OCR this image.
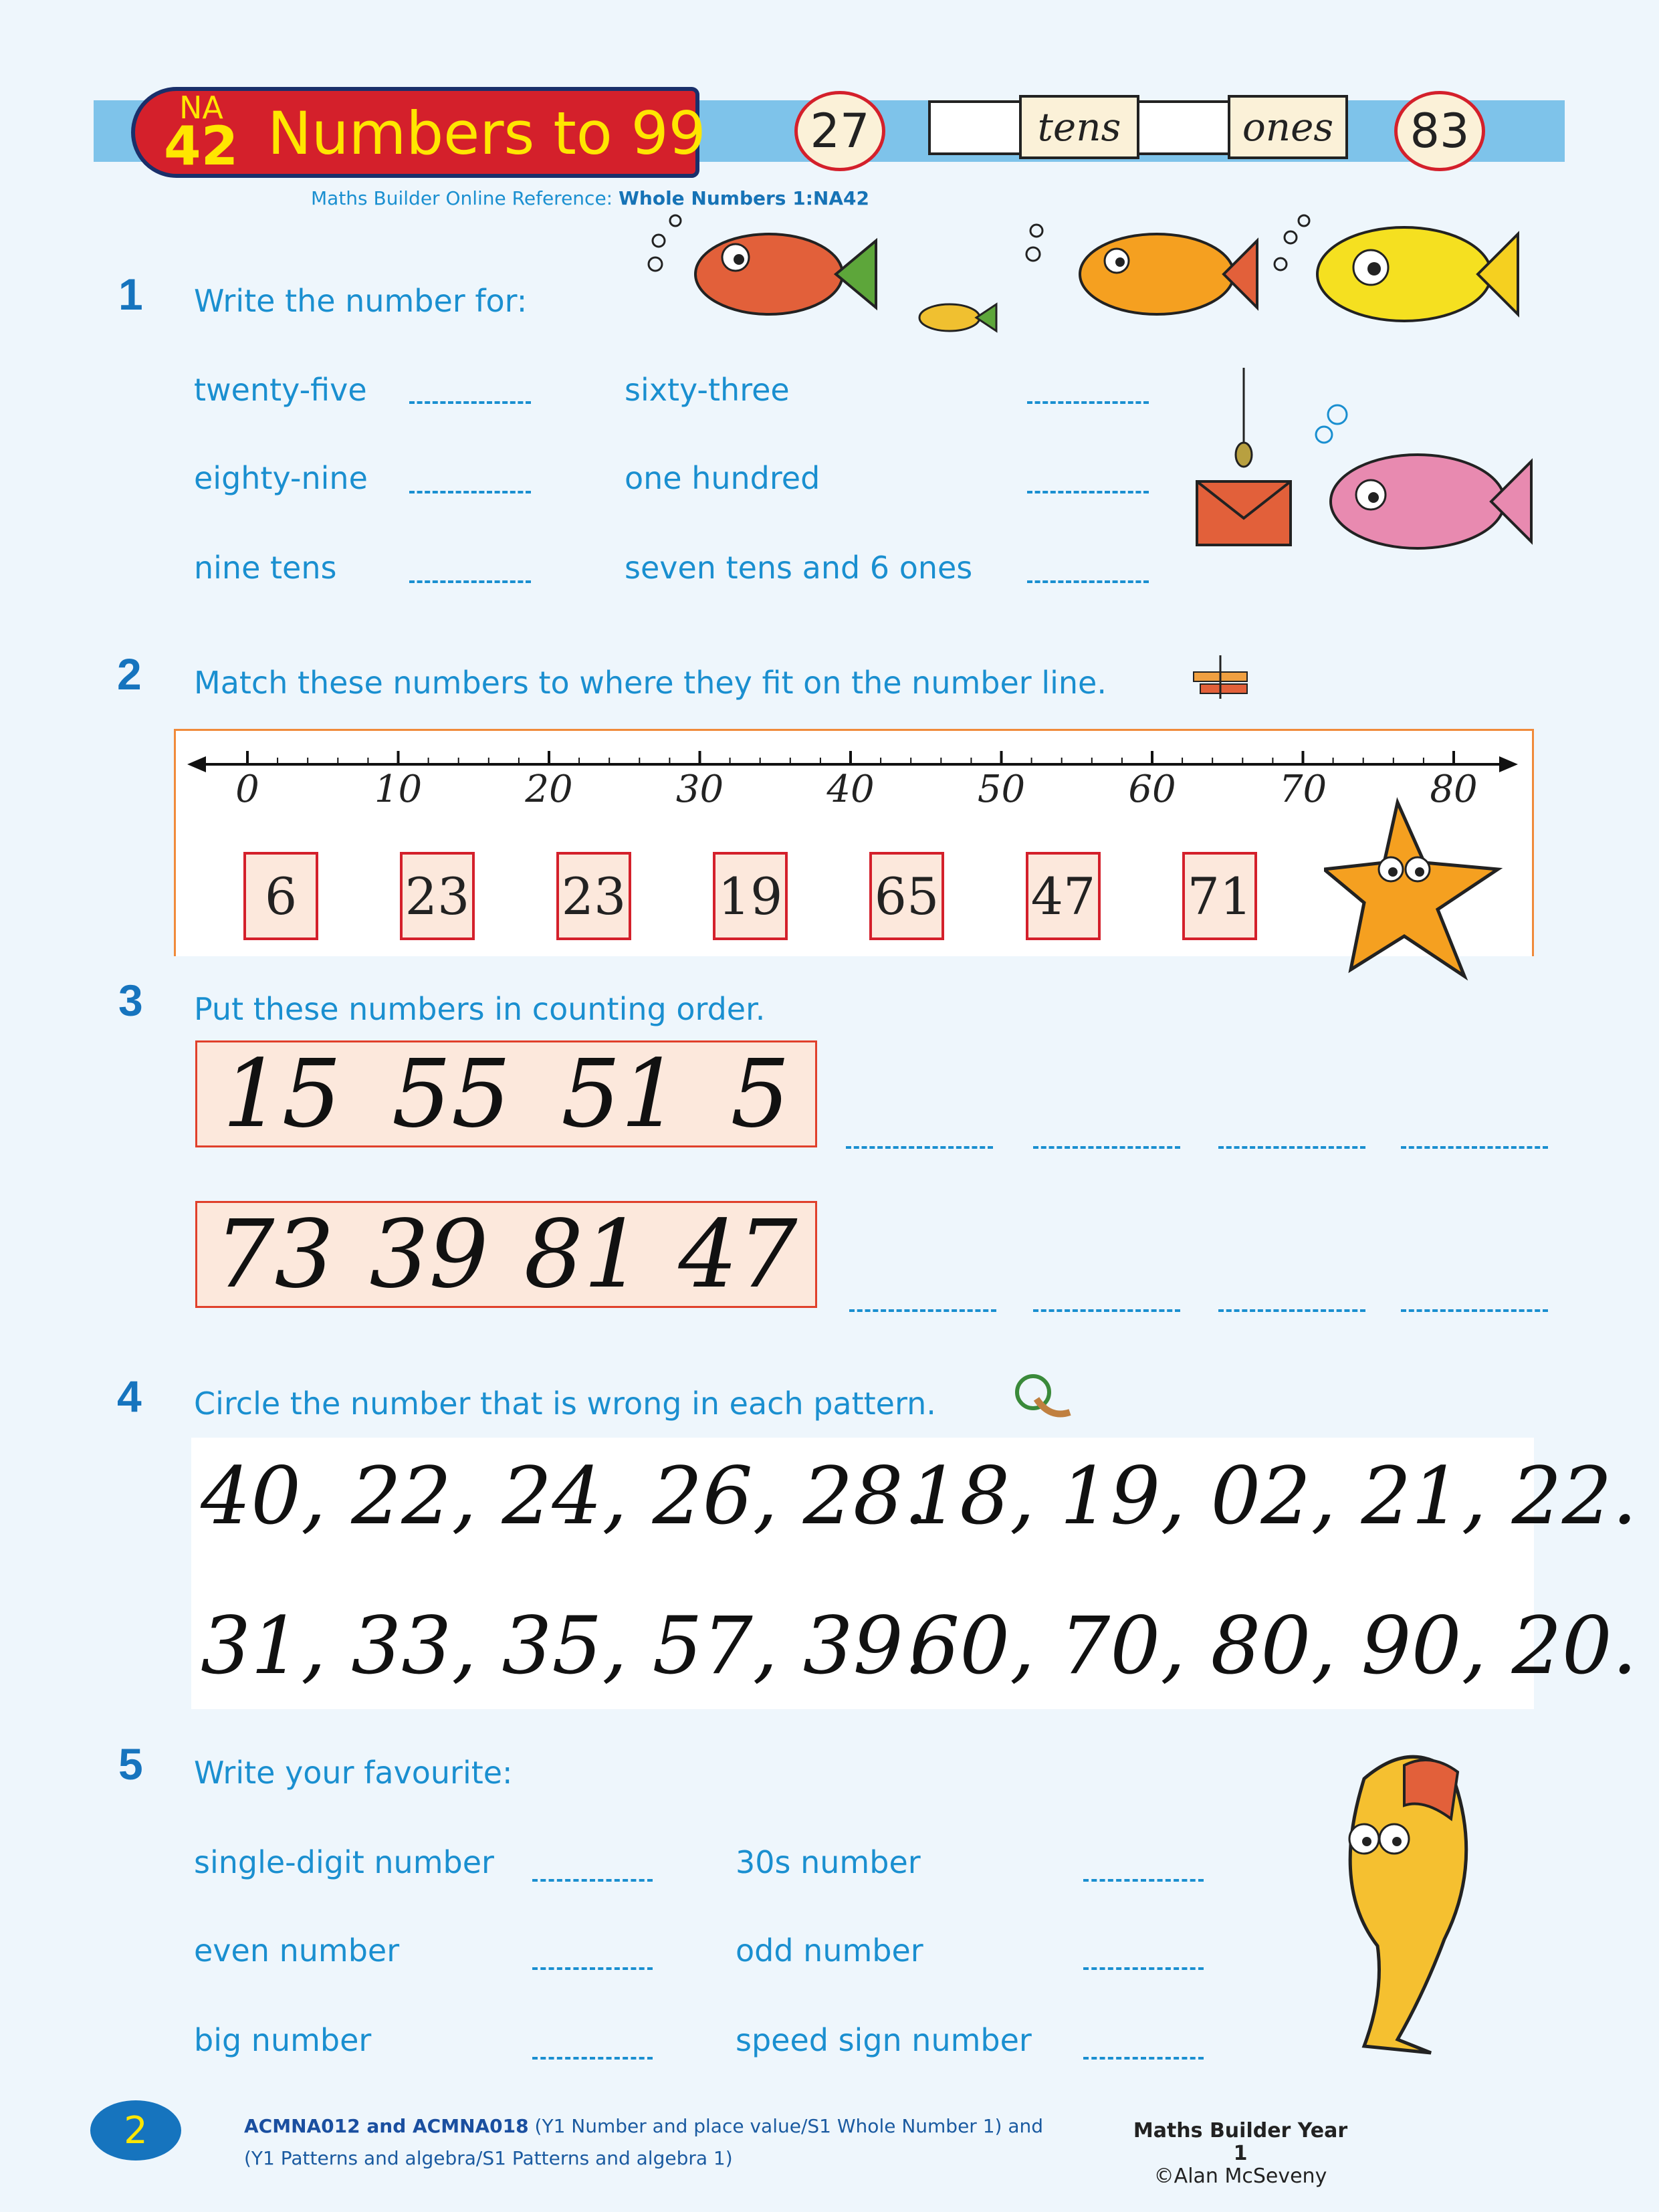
NA
42 Numbers to 99	27	tens	ones	83
Maths Builder Online Reference: Whole Numbers 1:NA42
1 Write the number for:
twenty-five	sixty-three
eighty-nine	one hundred
nine tens	seven tens and 6 ones
2 Match these numbers to where they fit on the number line.
0	10	20	30	40	50	60	70	80
6	23 23 19 65 47 71
3 Put these numbers in counting order.
15 55 51 5
73 39 81 47
4 Circle the number that is wrong in each pattern.
40, 22, 24, 26, 28.
18, 19, 02, 21, 22.
31, 33, 35, 57, 39.
60, 70, 80, 90, 20.
5 Write your favourite:
single-digit number	30s number
even number	odd number
big number	speed sign number
2	ACMNA012 and ACMNA018 (Y1 Number and place value/S1 Whole Number 1) and
(Y1 Patterns and algebra/S1 Patterns and algebra 1)
Maths Builder Year 1
©Alan McSeveny
